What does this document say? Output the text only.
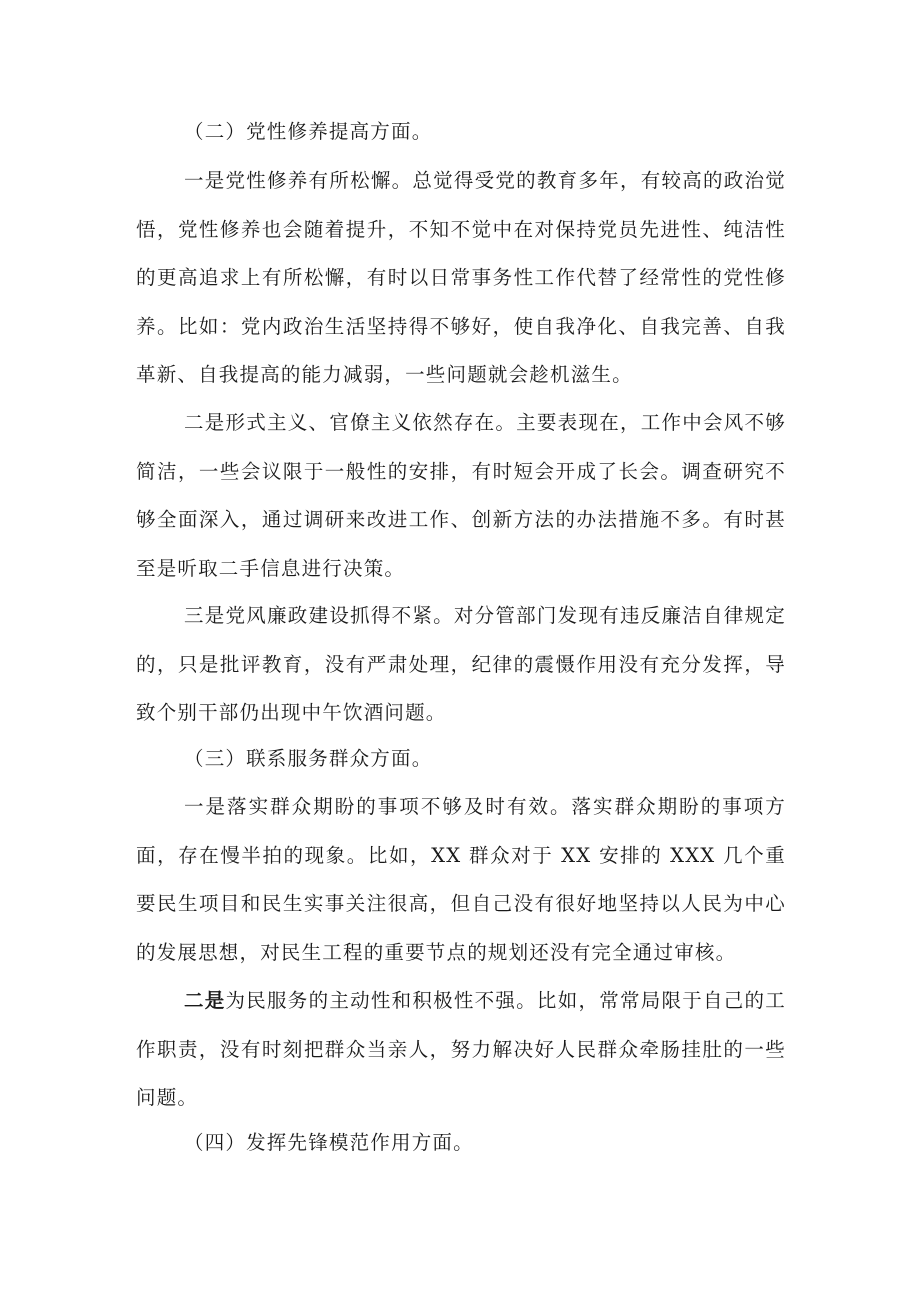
（二）党性修养提高方面。

一是党性修养有所松懈。总觉得受党的教育多年，有较高的政治觉悟，党性修养也会随着提升，不知不觉中在对保持党员先进性、纯洁性的更高追求上有所松懈，有时以日常事务性工作代替了经常性的党性修养。比如：党内政治生活坚持得不够好，使自我净化、自我完善、自我革新、自我提高的能力减弱，一些问题就会趁机滋生。

二是形式主义、官僚主义依然存在。主要表现在，工作中会风不够简洁，一些会议限于一般性的安排，有时短会开成了长会。调查研究不够全面深入，通过调研来改进工作、创新方法的办法措施不多。有时甚至是听取二手信息进行决策。

三是党风廉政建设抓得不紧。对分管部门发现有违反廉洁自律规定的，只是批评教育，没有严肃处理，纪律的震慑作用没有充分发挥，导致个别干部仍出现中午饮酒问题。

（三）联系服务群众方面。

一是落实群众期盼的事项不够及时有效。落实群众期盼的事项方面，存在慢半拍的现象。比如，XX 群众对于 XX 安排的 XXX 几个重要民生项目和民生实事关注很高，但自己没有很好地坚持以人民为中心的发展思想，对民生工程的重要节点的规划还没有完全通过审核。

二是为民服务的主动性和积极性不强。比如，常常局限于自己的工作职责，没有时刻把群众当亲人，努力解决好人民群众牵肠挂肚的一些问题。

（四）发挥先锋模范作用方面。
